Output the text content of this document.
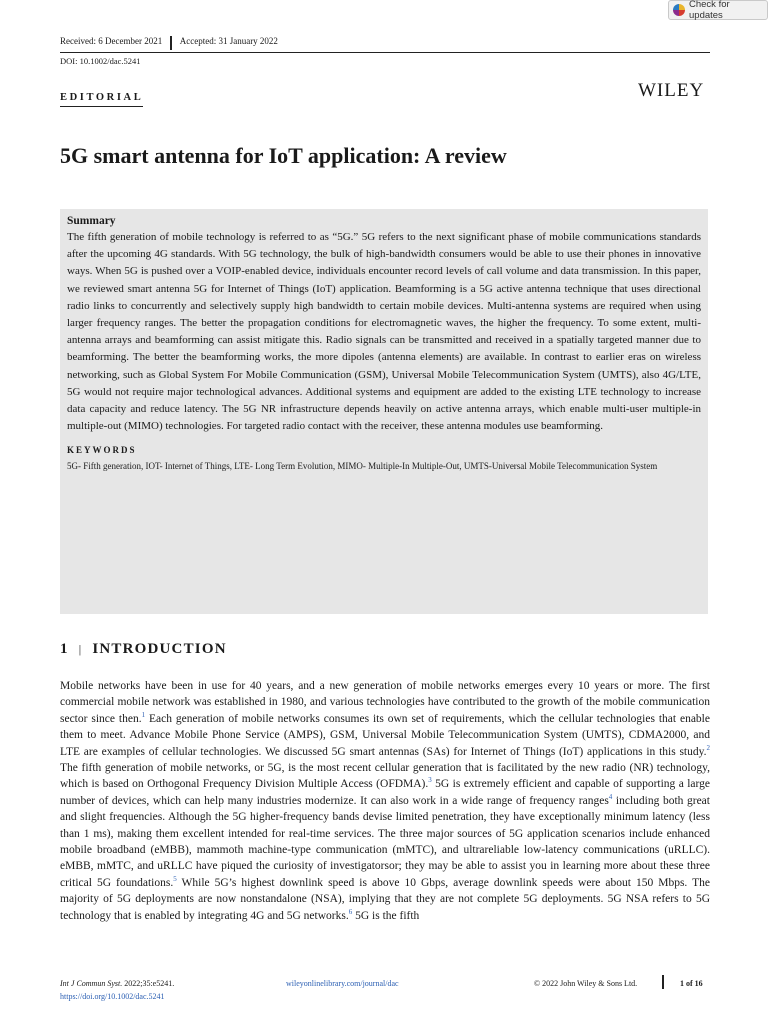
Check for updates
Received: 6 December 2021	Accepted: 31 January 2022
DOI: 10.1002/dac.5241
EDITORIAL	WILEY
5G smart antenna for IoT application: A review

Summary

The fifth generation of mobile technology is referred to as “5G.” 5G refers to the next significant phase of mobile communications standards after the upcoming 4G standards. With 5G technology, the bulk of high-bandwidth consumers would be able to use their phones in innovative ways. When 5G is pushed over a VOIP-enabled device, individuals encounter record levels of call volume and data transmission. In this paper, we reviewed smart antenna 5G for Internet of Things (IoT) application. Beamforming is a 5G active antenna technique that uses directional radio links to concurrently and selectively supply high bandwidth to certain mobile devices. Multi-antenna systems are required when using larger frequency ranges. The better the propagation conditions for electromagnetic waves, the higher the frequency. To some extent, multi-antenna arrays and beamforming can assist mitigate this. Radio signals can be transmitted and received in a spatially targeted manner due to beamforming. The better the beamforming works, the more dipoles (antenna elements) are available. In contrast to earlier eras on wireless networking, such as Global System For Mobile Communication (GSM), Universal Mobile Telecommunication System (UMTS), also 4G/LTE, 5G would not require major technological advances. Additional systems and equipment are added to the existing LTE technology to increase data capacity and reduce latency. The 5G NR infrastructure depends heavily on active antenna arrays, which enable multi-user multiple-in multiple-out (MIMO) technologies. For targeted radio contact with the receiver, these antenna modules use beamforming.

KEYWORDS

5G- Fifth generation, IOT- Internet of Things, LTE- Long Term Evolution, MIMO- Multiple-In Multiple-Out, UMTS-Universal Mobile Telecommunication System

1 | INTRODUCTION

Mobile networks have been in use for 40 years, and a new generation of mobile networks emerges every 10 years or more. The first commercial mobile network was established in 1980, and various technologies have contributed to the growth of the mobile communication sector since then.$^1$ Each generation of mobile networks consumes its own set of requirements, which the cellular technologies that enable them to meet. Advance Mobile Phone Service (AMPS), GSM, Universal Mobile Telecommunication System (UMTS), CDMA2000, and LTE are examples of cellular technologies. We discussed 5G smart antennas (SAs) for Internet of Things (IoT) applications in this study.$^2$ The fifth generation of mobile networks, or 5G, is the most recent cellular generation that is facilitated by the new radio (NR) technology, which is based on Orthogonal Frequency Division Multiple Access (OFDMA).$^3$ 5G is extremely efficient and capable of supporting a large number of devices, which can help many industries modernize. It can also work in a wide range of frequency ranges$^4$ including both great and slight frequencies. Although the 5G higher-frequency bands devise limited penetration, they have exceptionally minimum latency (less than 1 ms), making them excellent intended for real-time services. The three major sources of 5G application scenarios include enhanced mobile broadband (eMBB), mammoth machine-type communication (mMTC), and ultrareliable low-latency communications (uRLLC). eMBB, mMTC, and uRLLC have piqued the curiosity of investigatorsor; they may be able to assist you in learning more about these three critical 5G foundations.$^5$ While 5G’s highest downlink speed is above 10 Gbps, average downlink speeds were about 150 Mbps. The majority of 5G deployments are now nonstandalone (NSA), implying that they are not complete 5G deployments. 5G NSA refers to 5G technology that is enabled by integrating 4G and 5G networks.$^6$ 5G is the fifth

Int J Commun Syst. 2022;35:e5241.
https://doi.org/10.1002/dac.5241
wileyonlinelibrary.com/journal/dac	© 2022 John Wiley & Sons Ltd.	1 of 16
